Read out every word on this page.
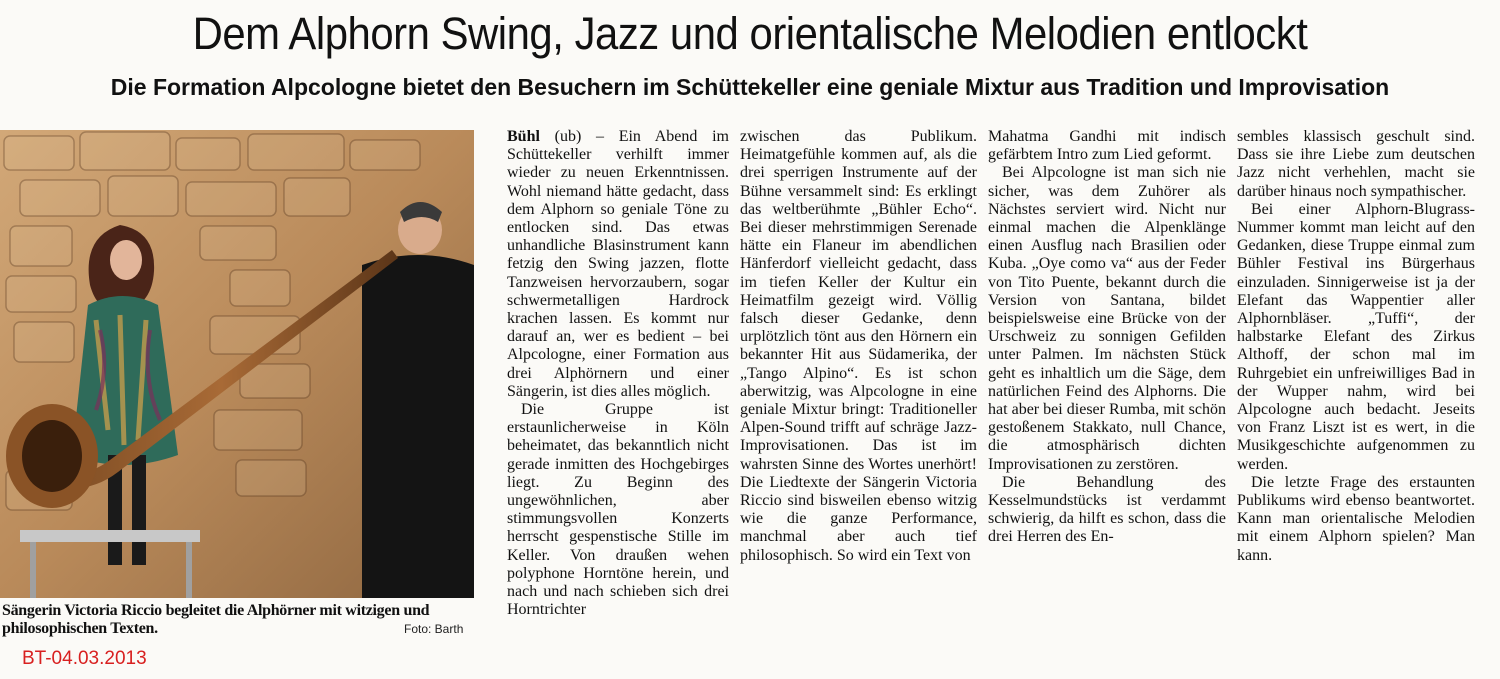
Dem Alphorn Swing, Jazz und orientalische Melodien entlockt
Die Formation Alpcologne bietet den Besuchern im Schüttekeller eine geniale Mixtur aus Tradition und Improvisation
Sängerin Victoria Riccio begleitet die Alphörner mit witzigen und philosophischen Texten.	Foto: Barth
BT-04.03.2013

Bühl (ub) – Ein Abend im Schüttekeller verhilft immer wieder zu neuen Erkenntnissen. Wohl niemand hätte gedacht, dass dem Alphorn so geniale Töne zu entlocken sind. Das etwas unhandliche Blasinstrument kann fetzig den Swing jazzen, flotte Tanzweisen hervorzaubern, sogar schwermetalligen Hardrock krachen lassen. Es kommt nur darauf an, wer es bedient – bei Alpcologne, einer Formation aus drei Alphörnern und einer Sängerin, ist dies alles möglich.

Die Gruppe ist erstaunlicherweise in Köln beheimatet, das bekanntlich nicht gerade inmitten des Hochgebirges liegt. Zu Beginn des ungewöhnlichen, aber stimmungsvollen Konzerts herrscht gespenstische Stille im Keller. Von draußen wehen polyphone Horntöne herein, und nach und nach schieben sich drei Horntrichter

zwischen das Publikum. Heimatgefühle kommen auf, als die drei sperrigen Instrumente auf der Bühne versammelt sind: Es erklingt das weltberühmte „Bühler Echo“. Bei dieser mehrstimmigen Serenade hätte ein Flaneur im abendlichen Hänferdorf vielleicht gedacht, dass im tiefen Keller der Kultur ein Heimatfilm gezeigt wird. Völlig falsch dieser Gedanke, denn urplötzlich tönt aus den Hörnern ein bekannter Hit aus Südamerika, der „Tango Alpino“. Es ist schon aberwitzig, was Alpcologne in eine geniale Mixtur bringt: Traditioneller Alpen-Sound trifft auf schräge Jazz-Improvisationen. Das ist im wahrsten Sinne des Wortes unerhört! Die Liedtexte der Sängerin Victoria Riccio sind bisweilen ebenso witzig wie die ganze Performance, manchmal aber auch tief philosophisch. So wird ein Text von

Mahatma Gandhi mit indisch gefärbtem Intro zum Lied geformt.

Bei Alpcologne ist man sich nie sicher, was dem Zuhörer als Nächstes serviert wird. Nicht nur einmal machen die Alpenklänge einen Ausflug nach Brasilien oder Kuba. „Oye como va“ aus der Feder von Tito Puente, bekannt durch die Version von Santana, bildet beispielsweise eine Brücke von der Urschweiz zu sonnigen Gefilden unter Palmen. Im nächsten Stück geht es inhaltlich um die Säge, dem natürlichen Feind des Alphorns. Die hat aber bei dieser Rumba, mit schön gestoßenem Stakkato, null Chance, die atmosphärisch dichten Improvisationen zu zerstören.

Die Behandlung des Kesselmundstücks ist verdammt schwierig, da hilft es schon, dass die drei Herren des En-

sembles klassisch geschult sind. Dass sie ihre Liebe zum deutschen Jazz nicht verhehlen, macht sie darüber hinaus noch sympathischer.

Bei einer Alphorn-Blugrass-Nummer kommt man leicht auf den Gedanken, diese Truppe einmal zum Bühler Festival ins Bürgerhaus einzuladen. Sinnigerweise ist ja der Elefant das Wappentier aller Alphornbläser. „Tuffi“, der halbstarke Elefant des Zirkus Althoff, der schon mal im Ruhrgebiet ein unfreiwilliges Bad in der Wupper nahm, wird bei Alpcologne auch bedacht. Jeseits von Franz Liszt ist es wert, in die Musikgeschichte aufgenommen zu werden.

Die letzte Frage des erstaunten Publikums wird ebenso beantwortet. Kann man orientalische Melodien mit einem Alphorn spielen? Man kann.
